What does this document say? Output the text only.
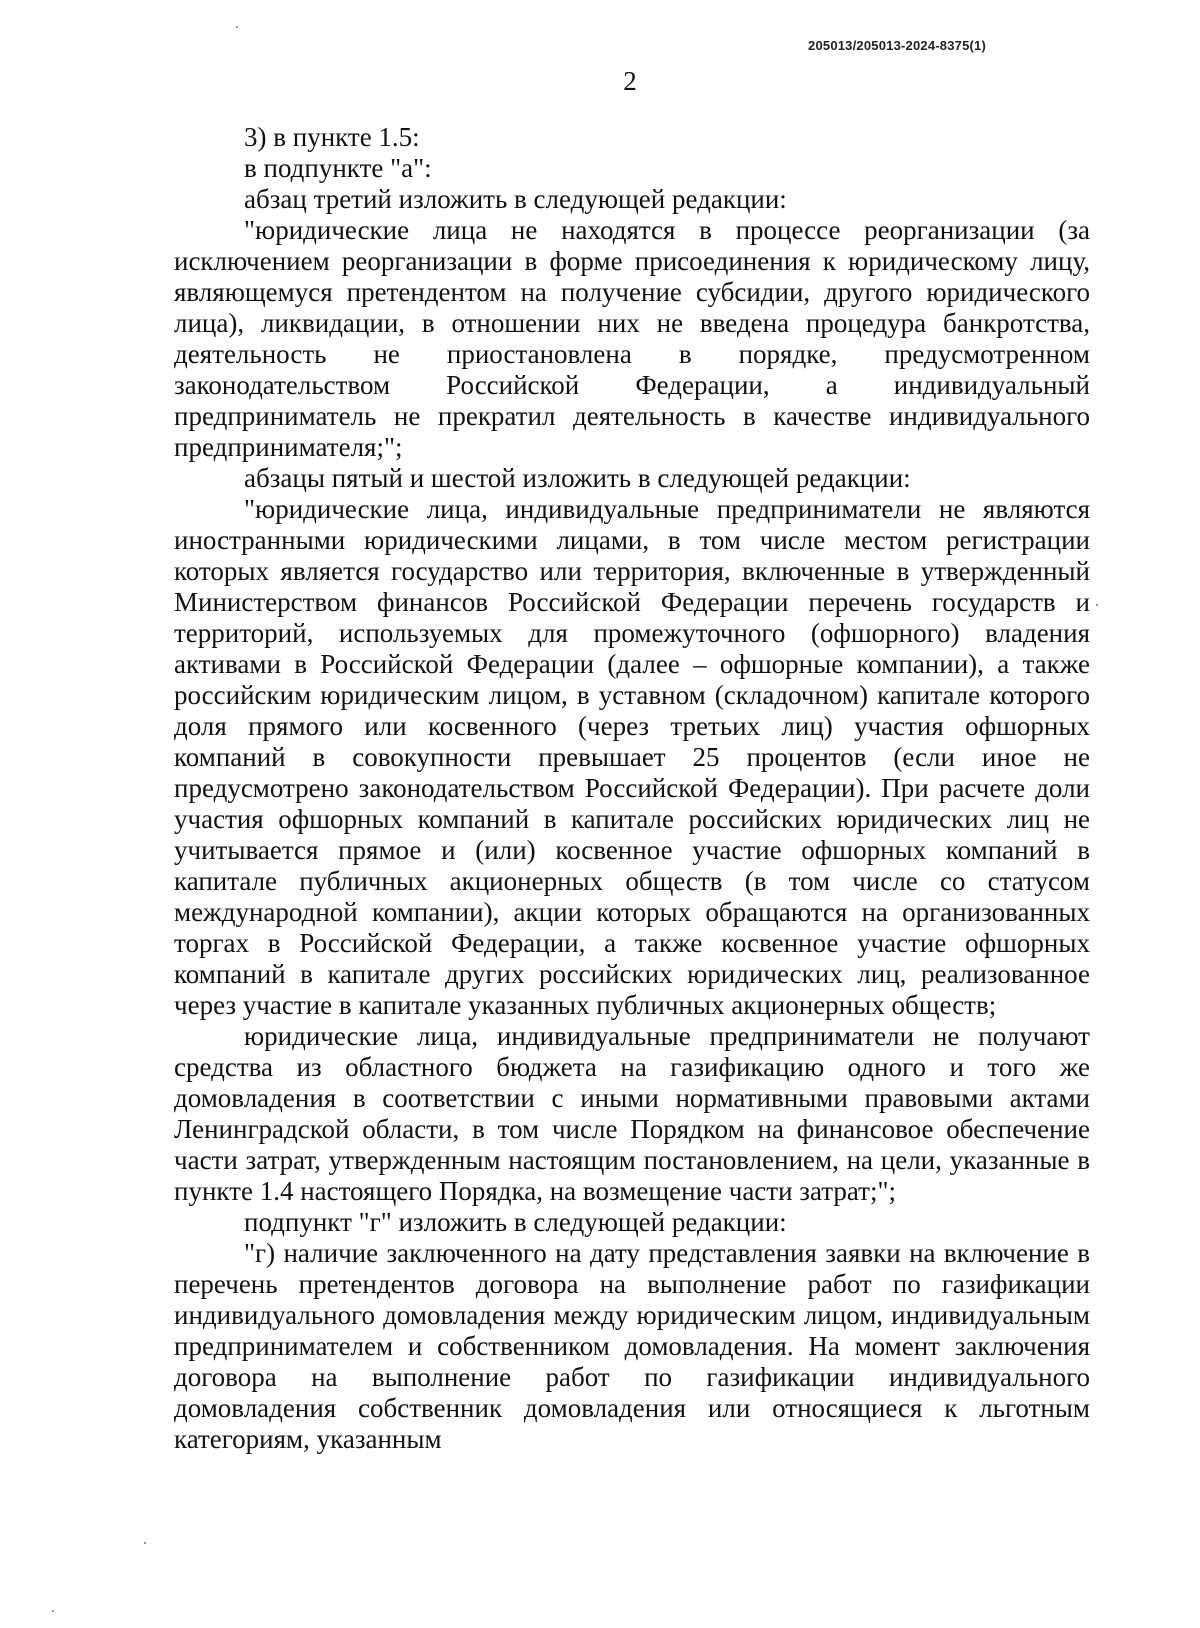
205013/205013-2024-8375(1)
2

3) в пункте 1.5:

в подпункте "а":

абзац третий изложить в следующей редакции:

"юридические лица не находятся в процессе реорганизации (за исключением реорганизации в форме присоединения к юридическому лицу, являющемуся претендентом на получение субсидии, другого юридического лица), ликвидации, в отношении них не введена процедура банкротства, деятельность не приостановлена в порядке, предусмотренном законодательством Российской Федерации, а индивидуальный предприниматель не прекратил деятельность в качестве индивидуального предпринимателя;";

абзацы пятый и шестой изложить в следующей редакции:

"юридические лица, индивидуальные предприниматели не являются иностранными юридическими лицами, в том числе местом регистрации которых является государство или территория, включенные в утвержденный Министерством финансов Российской Федерации перечень государств и территорий, используемых для промежуточного (офшорного) владения активами в Российской Федерации (далее – офшорные компании), а также российским юридическим лицом, в уставном (складочном) капитале которого доля прямого или косвенного (через третьих лиц) участия офшорных компаний в совокупности превышает 25 процентов (если иное не предусмотрено законодательством Российской Федерации). При расчете доли участия офшорных компаний в капитале российских юридических лиц не учитывается прямое и (или) косвенное участие офшорных компаний в капитале публичных акционерных обществ (в том числе со статусом международной компании), акции которых обращаются на организованных торгах в Российской Федерации, а также косвенное участие офшорных компаний в капитале других российских юридических лиц, реализованное через участие в капитале указанных публичных акционерных обществ;

юридические лица, индивидуальные предприниматели не получают средства из областного бюджета на газификацию одного и того же домовладения в соответствии с иными нормативными правовыми актами Ленинградской области, в том числе Порядком на финансовое обеспечение части затрат, утвержденным настоящим постановлением, на цели, указанные в пункте 1.4 настоящего Порядка, на возмещение части затрат;";

подпункт "г" изложить в следующей редакции:

"г) наличие заключенного на дату представления заявки на включение в перечень претендентов договора на выполнение работ по газификации индивидуального домовладения между юридическим лицом, индивидуальным предпринимателем и собственником домовладения. На момент заключения договора на выполнение работ по газификации индивидуального домовладения собственник домовладения или относящиеся к льготным категориям, указанным
